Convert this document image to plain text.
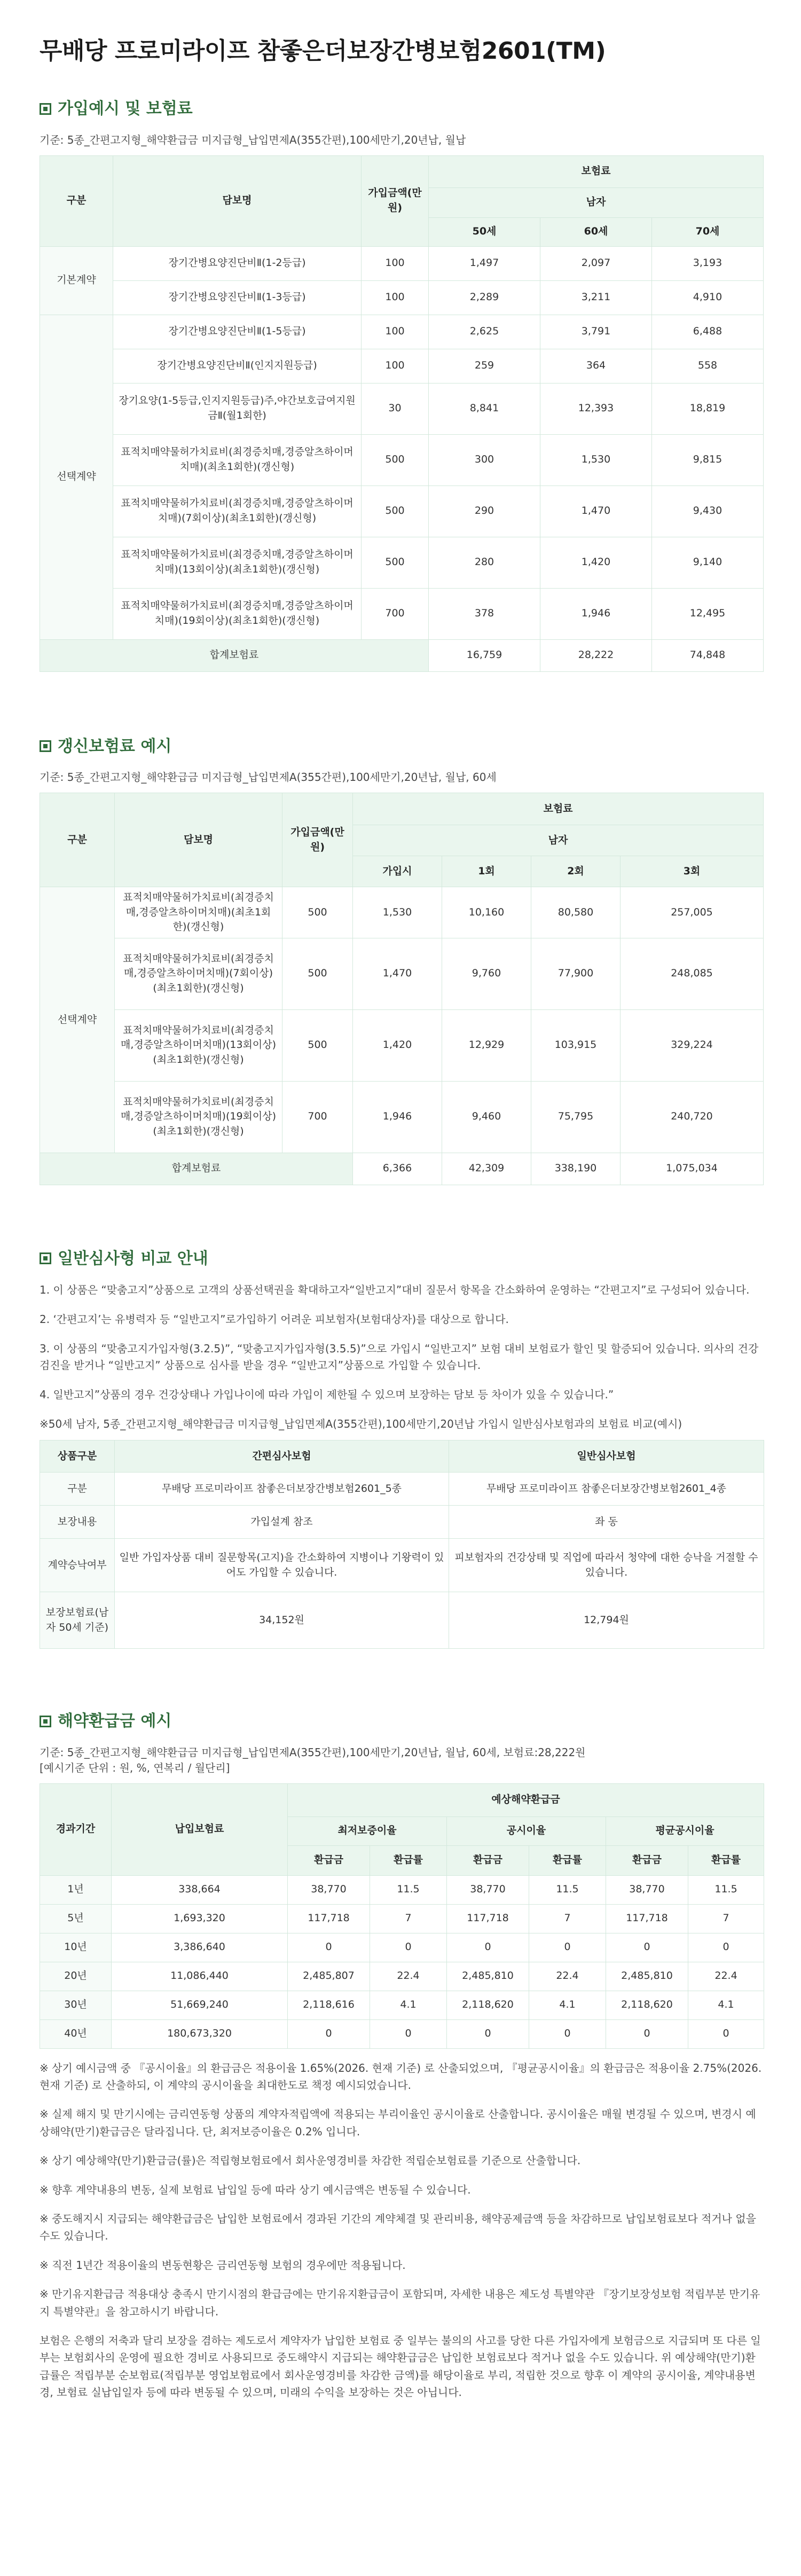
무배당 프로미라이프 참좋은더보장간병보험2601(TM)
가입예시 및 보험료

기준: 5종_간편고지형_해약환급금 미지급형_납입면제A(355간편),100세만기,20년납, 월납

구분	담보명	가입금액(만원)	보험료		
			남자		
			50세	60세	70세
기본계약	장기간병요양진단비Ⅱ(1-2등급)	100	1,497	2,097	3,193
	장기간병요양진단비Ⅱ(1-3등급)	100	2,289	3,211	4,910
선택계약	장기간병요양진단비Ⅱ(1-5등급)	100	2,625	3,791	6,488
	장기간병요양진단비Ⅱ(인지지원등급)	100	259	364	558
	장기요양(1-5등급,인지지원등급)주,야간보호급여지원금Ⅱ(월1회한)	30	8,841	12,393	18,819
	표적치매약물허가치료비(최경증치매,경증알츠하이머치매)(최초1회한)(갱신형)	500	300	1,530	9,815
	표적치매약물허가치료비(최경증치매,경증알츠하이머치매)(7회이상)(최초1회한)(갱신형)	500	290	1,470	9,430
	표적치매약물허가치료비(최경증치매,경증알츠하이머치매)(13회이상)(최초1회한)(갱신형)	500	280	1,420	9,140
	표적치매약물허가치료비(최경증치매,경증알츠하이머치매)(19회이상)(최초1회한)(갱신형)	700	378	1,946	12,495
합계보험료			16,759	28,222	74,848
갱신보험료 예시

기준: 5종_간편고지형_해약환급금 미지급형_납입면제A(355간편),100세만기,20년납, 월납, 60세

구분	담보명	가입금액(만원)	보험료			
			남자			
			가입시	1회	2회	3회
선택계약	표적치매약물허가치료비(최경증치매,경증알츠하이머치매)(최초1회한)(갱신형)	500	1,530	10,160	80,580	257,005
	표적치매약물허가치료비(최경증치매,경증알츠하이머치매)(7회이상)(최초1회한)(갱신형)	500	1,470	9,760	77,900	248,085
	표적치매약물허가치료비(최경증치매,경증알츠하이머치매)(13회이상)(최초1회한)(갱신형)	500	1,420	12,929	103,915	329,224
	표적치매약물허가치료비(최경증치매,경증알츠하이머치매)(19회이상)(최초1회한)(갱신형)	700	1,946	9,460	75,795	240,720
합계보험료			6,366	42,309	338,190	1,075,034
일반심사형 비교 안내

1. 이 상품은 “맞춤고지”상품으로 고객의 상품선택권을 확대하고자“일반고지”대비 질문서 항목을 간소화하여 운영하는 “간편고지”로 구성되어 있습니다.

2. ‘간편고지’는 유병력자 등 “일반고지”로가입하기 어려운 피보험자(보험대상자)를 대상으로 합니다.

3. 이 상품의 “맞춤고지가입자형(3.2.5)”, “맞춤고지가입자형(3.5.5)”으로 가입시 “일반고지” 보험 대비 보험료가 할인 및 할증되어 있습니다. 의사의 건강검진을 받거나 “일반고지” 상품으로 심사를 받을 경우 “일반고지”상품으로 가입할 수 있습니다.

4. 일반고지”상품의 경우 건강상태나 가입나이에 따라 가입이 제한될 수 있으며 보장하는 담보 등 차이가 있을 수 있습니다.”

※50세 남자, 5종_간편고지형_해약환급금 미지급형_납입면제A(355간편),100세만기,20년납 가입시 일반심사보험과의 보험료 비교(예시)

상품구분	간편심사보험	일반심사보험
구분	무배당 프로미라이프 참좋은더보장간병보험2601_5종	무배당 프로미라이프 참좋은더보장간병보험2601_4종
보장내용	가입설계 참조	좌 동
계약승낙여부	일반 가입자상품 대비 질문항목(고지)을 간소화하여 지병이나 기왕력이 있어도 가입할 수 있습니다.	피보험자의 건강상태 및 직업에 따라서 청약에 대한 승낙을 거절할 수 있습니다.
보장보험료(남자 50세 기준)	34,152원	12,794원
해약환급금 예시

기준: 5종_간편고지형_해약환급금 미지급형_납입면제A(355간편),100세만기,20년납, 월납, 60세, 보험료:28,222원

[예시기준 단위 : 원, %, 연복리 / 월단리]

경과기간	납입보험료	예상해약환급금					
		최저보증이율		공시이율		평균공시이율	
		환급금	환급률	환급금	환급률	환급금	환급률
1년	338,664	38,770	11.5	38,770	11.5	38,770	11.5
5년	1,693,320	117,718	7	117,718	7	117,718	7
10년	3,386,640	0	0	0	0	0	0
20년	11,086,440	2,485,807	22.4	2,485,810	22.4	2,485,810	22.4
30년	51,669,240	2,118,616	4.1	2,118,620	4.1	2,118,620	4.1
40년	180,673,320	0	0	0	0	0	0

※ 상기 예시금액 중 『공시이율』의 환급금은 적용이율 1.65%(2026. 현재 기준) 로 산출되었으며, 『평균공시이율』의 환급금은 적용이율 2.75%(2026. 현재 기준) 로 산출하되, 이 계약의 공시이율을 최대한도로 책정 예시되었습니다.

※ 실제 해지 및 만기시에는 금리연동형 상품의 계약자적립액에 적용되는 부리이율인 공시이율로 산출합니다. 공시이율은 매월 변경될 수 있으며, 변경시 예상해약(만기)환급금은 달라집니다. 단, 최저보증이율은 0.2% 입니다.

※ 상기 예상해약(만기)환급금(률)은 적립형보험료에서 회사운영경비를 차감한 적립순보험료를 기준으로 산출합니다.

※ 향후 계약내용의 변동, 실제 보험료 납입일 등에 따라 상기 예시금액은 변동될 수 있습니다.

※ 중도해지시 지급되는 해약환급금은 납입한 보험료에서 경과된 기간의 계약체결 및 관리비용, 해약공제금액 등을 차감하므로 납입보험료보다 적거나 없을 수도 있습니다.

※ 직전 1년간 적용이율의 변동현황은 금리연동형 보험의 경우에만 적용됩니다.

※ 만기유지환급금 적용대상 충족시 만기시점의 환급금에는 만기유지환급금이 포함되며, 자세한 내용은 제도성 특별약관 『장기보장성보험 적립부분 만기유지 특별약관』을 참고하시기 바랍니다.

보험은 은행의 저축과 달리 보장을 겸하는 제도로서 계약자가 납입한 보험료 중 일부는 불의의 사고를 당한 다른 가입자에게 보험금으로 지급되며 또 다른 일부는 보험회사의 운영에 필요한 경비로 사용되므로 중도해약시 지급되는 해약환급금은 납입한 보험료보다 적거나 없을 수도 있습니다. 위 예상해약(만기)환급률은 적립부분 순보험료(적립부분 영업보험료에서 회사운영경비를 차감한 금액)를 해당이율로 부리, 적립한 것으로 향후 이 계약의 공시이율, 계약내용변경, 보험료 실납입일자 등에 따라 변동될 수 있으며, 미래의 수익을 보장하는 것은 아닙니다.
